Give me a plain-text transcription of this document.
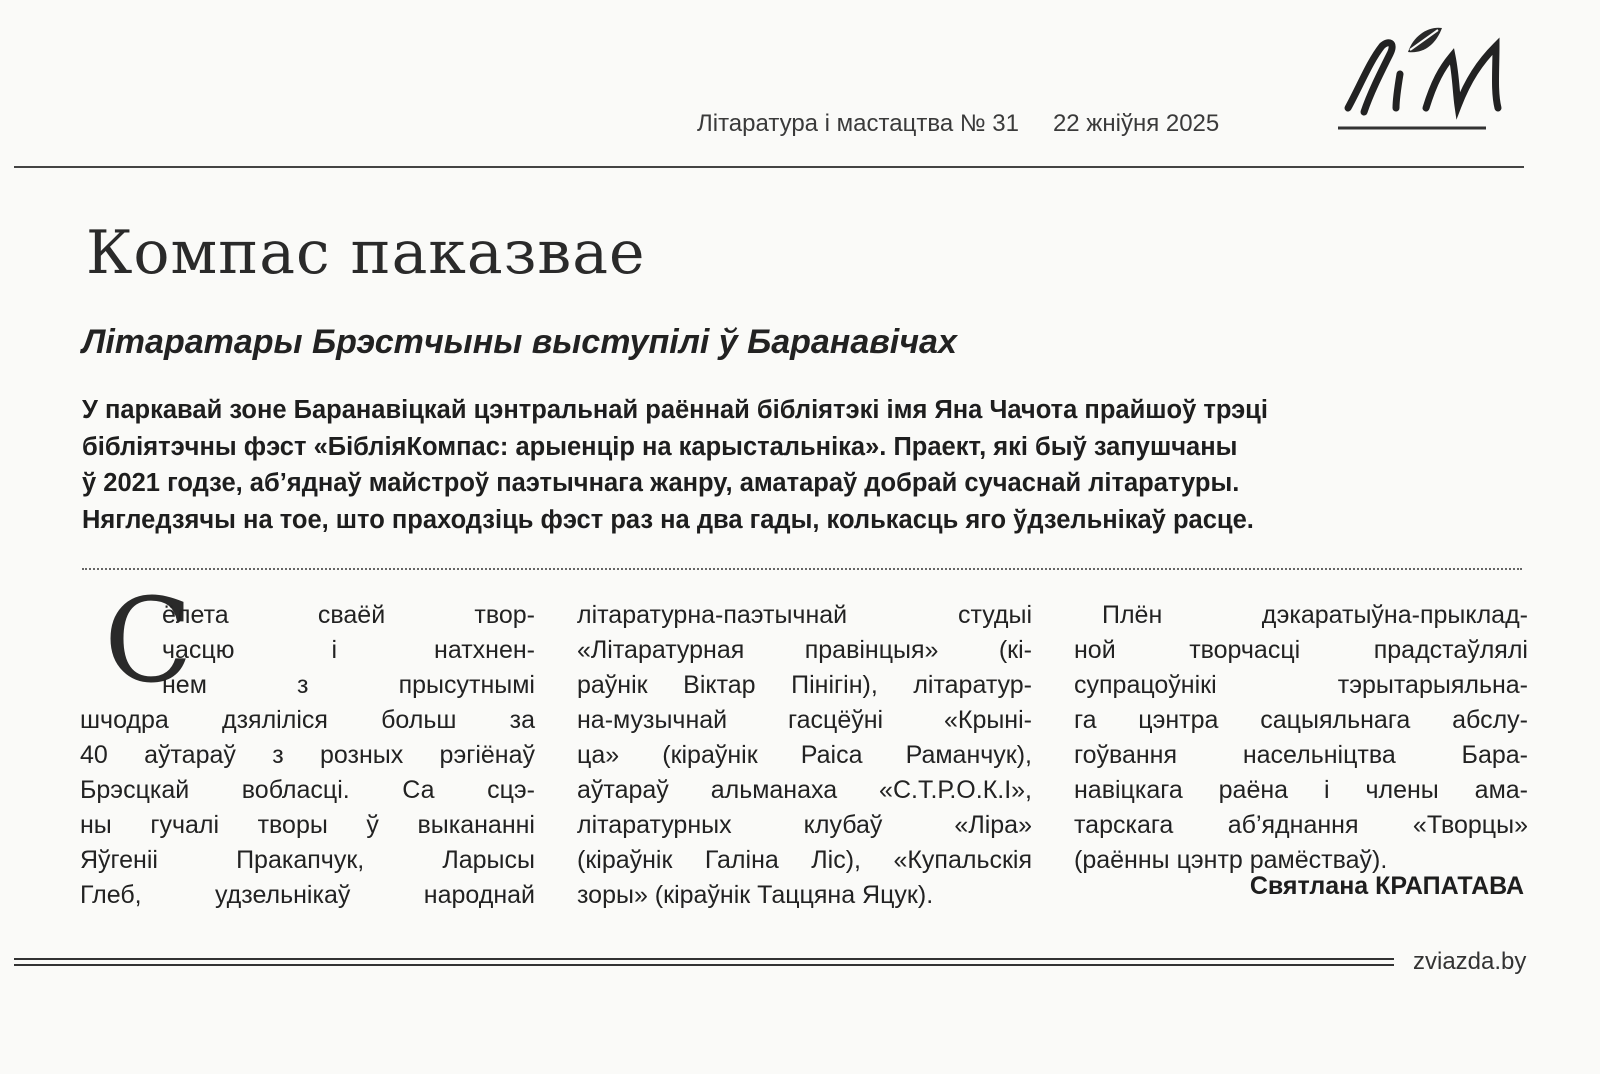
Літаратура і мастацтва № 31 22 жніўня 2025
Компас паказвае
Літаратары Брэстчыны выступілі ў Баранавічах
У паркавай зоне Баранавіцкай цэнтральнай раённай бібліятэкі імя Яна Чачота прайшоў трэці
бібліятэчны фэст «БібліяКомпас: арыенцір на карыстальніка». Праект, які быў запушчаны
ў 2021 годзе, аб’яднаў майстроў паэтычнага жанру, аматараў добрай сучаснай літаратуры.
Нягледзячы на тое, што праходзіць фэст раз на два гады, колькасць яго ўдзельнікаў расце.
С
ёлета сваёй твор-
часцю і натхнен-
нем з прысутнымі
шчодра дзяліліся больш за
40 аўтараў з розных рэгіёнаў
Брэсцкай вобласці. Са сцэ-
ны гучалі творы ў выкананні
Яўгеніі Пракапчук, Ларысы
Глеб, удзельнікаў народнай
літаратурна-паэтычнай студыі
«Літаратурная правінцыя» (кі-
раўнік Віктар Пінігін), літаратур-
на-музычнай гасцёўні «Крыні-
ца» (кіраўнік Раіса Раманчук),
аўтараў альманаха «С.Т.Р.О.К.І»,
літаратурных клубаў «Ліра»
(кіраўнік Галіна Ліс), «Купальскія
зоры» (кіраўнік Таццяна Яцук).
Плён дэкаратыўна-прыклад-
ной творчасці прадстаўлялі
супрацоўнікі тэрытарыяльна-
га цэнтра сацыяльнага абслу-
гоўвання насельніцтва Бара-
навіцкага раёна і члены ама-
тарскага аб’яднання «Творцы»
(раённы цэнтр рамёстваў).
Святлана КРАПАТАВА
zviazda.by
